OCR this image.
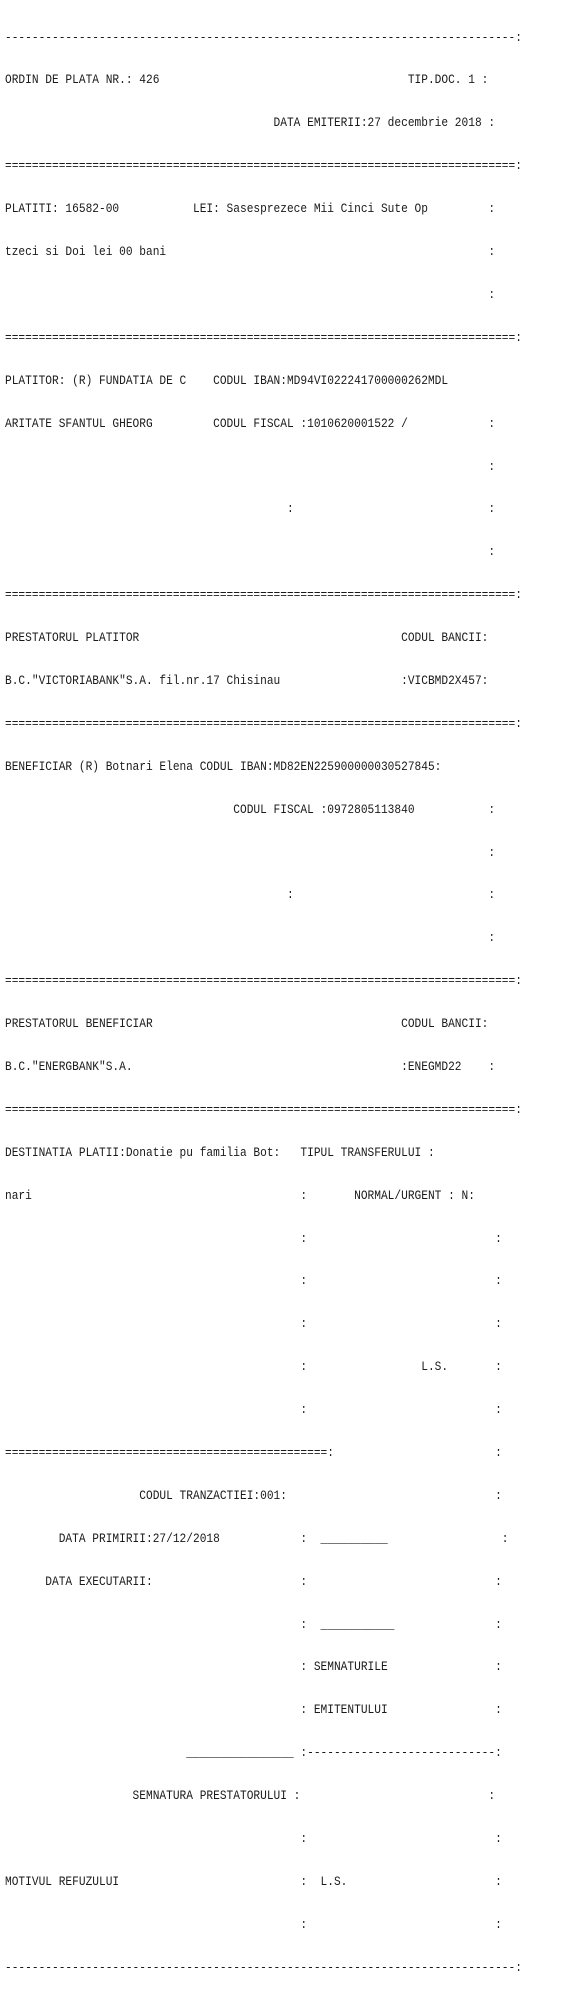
----------------------------------------------------------------------------:

ORDIN DE PLATA NR.: 426                                     TIP.DOC. 1 :

DATA EMITERII:27 decembrie 2018 :

============================================================================:

PLATITI: 16582-00           LEI: Sasesprezece Mii Cinci Sute Op         :

tzeci si Doi lei 00 bani                                                :

:

============================================================================:

PLATITOR: (R) FUNDATIA DE C    CODUL IBAN:MD94VI022241700000262MDL

ARITATE SFANTUL GHEORG         CODUL FISCAL :1010620001522 /            :

:

:                             :

:

============================================================================:

PRESTATORUL PLATITOR                                       CODUL BANCII:

B.C."VICTORIABANK"S.A. fil.nr.17 Chisinau                  :VICBMD2X457:

============================================================================:

BENEFICIAR (R) Botnari Elena CODUL IBAN:MD82EN225900000030527845:

CODUL FISCAL :0972805113840           :

:

:                             :

:

============================================================================:

PRESTATORUL BENEFICIAR                                     CODUL BANCII:

B.C."ENERGBANK"S.A.                                        :ENEGMD22    :

============================================================================:

DESTINATIA PLATII:Donatie pu familia Bot:   TIPUL TRANSFERULUI :

nari                                        :       NORMAL/URGENT : N:

:                            :

:                            :

:                            :

:                 L.S.       :

:                            :

================================================:                        :

CODUL TRANZACTIEI:001:                               :

DATA PRIMIRII:27/12/2018            :  __________                 :

DATA EXECUTARII:                      :                            :

:  ___________               :

: SEMNATURILE                :

: EMITENTULUI                :

________________ :----------------------------:

SEMNATURA PRESTATORULUI :                            :

:                            :

MOTIVUL REFUZULUI                           :  L.S.                      :

:                            :

----------------------------------------------------------------------------:
